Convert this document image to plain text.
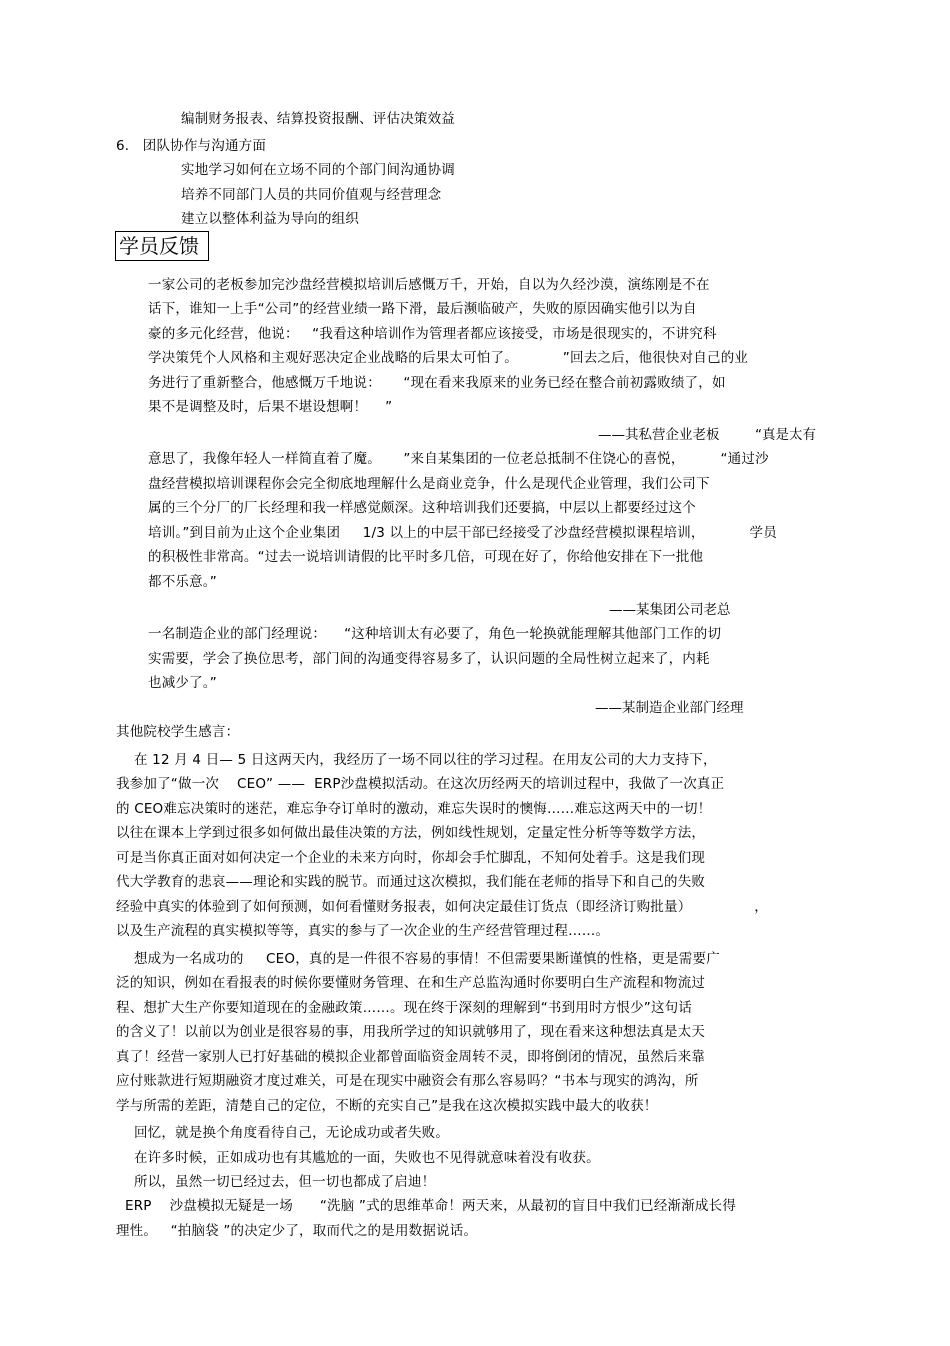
编制财务报表、结算投资报酬、评估决策效益
6.   团队协作与沟通方面
实地学习如何在立场不同的个部门间沟通协调
培养不同部门人员的共同价值观与经营理念
建立以整体利益为导向的组织
学员反馈
一家公司的老板参加完沙盘经营模拟培训后感慨万千，开始，自以为久经沙漠，演练刚是不在
话下，谁知一上手“公司”的经营业绩一路下滑，最后濒临破产，失败的原因确实他引以为自
豪的多元化经营，他说：   “我看这种培训作为管理者都应该接受，市场是很现实的，不讲究科
学决策凭个人风格和主观好恶决定企业战略的后果太可怕了。          ”回去之后，他很快对自己的业
务进行了重新整合，他感慨万千地说：     “现在看来我原来的业务已经在整合前初露败绩了，如
果不是调整及时，后果不堪设想啊！    ”
——其私营企业老板	“真是太有
意思了，我像年轻人一样简直着了魔。     ”来自某集团的一位老总抵制不住饶心的喜悦，        “通过沙
盘经营模拟培训课程你会完全彻底地理解什么是商业竞争，什么是现代企业管理，我们公司下
属的三个分厂的厂长经理和我一样感觉颇深。这种培训我们还要搞，中层以上都要经过这个
培训。”到目前为止这个企业集团     1/3 以上的中层干部已经接受了沙盘经营模拟课程培训，          学员
的积极性非常高。“过去一说培训请假的比平时多几倍，可现在好了，你给他安排在下一批他
都不乐意。”
——某集团公司老总
一名制造企业的部门经理说：    “这种培训太有必要了，角色一轮换就能理解其他部门工作的切
实需要，学会了换位思考，部门间的沟通变得容易多了，认识问题的全局性树立起来了，内耗
也减少了。”
——某制造企业部门经理
其他院校学生感言：
在 12 月 4 日— 5 日这两天内，我经历了一场不同以往的学习过程。在用友公司的大力支持下，
我参加了“做一次    CEO” ——  ERP沙盘模拟活动。在这次历经两天的培训过程中，我做了一次真正
的 CEO难忘决策时的迷茫，难忘争夺订单时的激动，难忘失误时的懊悔……难忘这两天中的一切！
以往在课本上学到过很多如何做出最佳决策的方法，例如线性规划，定量定性分析等等数学方法，
可是当你真正面对如何决定一个企业的未来方向时，你却会手忙脚乱，不知何处着手。这是我们现
代大学教育的悲哀——理论和实践的脱节。而通过这次模拟，我们能在老师的指导下和自己的失败
经验中真实的体验到了如何预测，如何看懂财务报表，如何决定最佳订货点（即经济订购批量）              ，
以及生产流程的真实模拟等等，真实的参与了一次企业的生产经营管理过程……。
想成为一名成功的     CEO，真的是一件很不容易的事情！不但需要果断谨慎的性格，更是需要广
泛的知识，例如在看报表的时候你要懂财务管理、在和生产总监沟通时你要明白生产流程和物流过
程、想扩大生产你要知道现在的金融政策……。现在终于深刻的理解到“书到用时方恨少”这句话
的含义了！以前以为创业是很容易的事，用我所学过的知识就够用了，现在看来这种想法真是太天
真了！经营一家别人已打好基础的模拟企业都曾面临资金周转不灵，即将倒闭的情况，虽然后来靠
应付账款进行短期融资才度过难关，可是在现实中融资会有那么容易吗？“书本与现实的鸿沟，所
学与所需的差距，清楚自己的定位，不断的充实自己”是我在这次模拟实践中最大的收获！
回忆，就是换个角度看待自己，无论成功或者失败。
在许多时候，正如成功也有其尴尬的一面，失败也不见得就意味着没有收获。
所以，虽然一切已经过去，但一切也都成了启迪！
ERP    沙盘模拟无疑是一场      “洗脑 ”式的思维革命！两天来，从最初的盲目中我们已经渐渐成长得
理性。   “拍脑袋 ”的决定少了，取而代之的是用数据说话。
